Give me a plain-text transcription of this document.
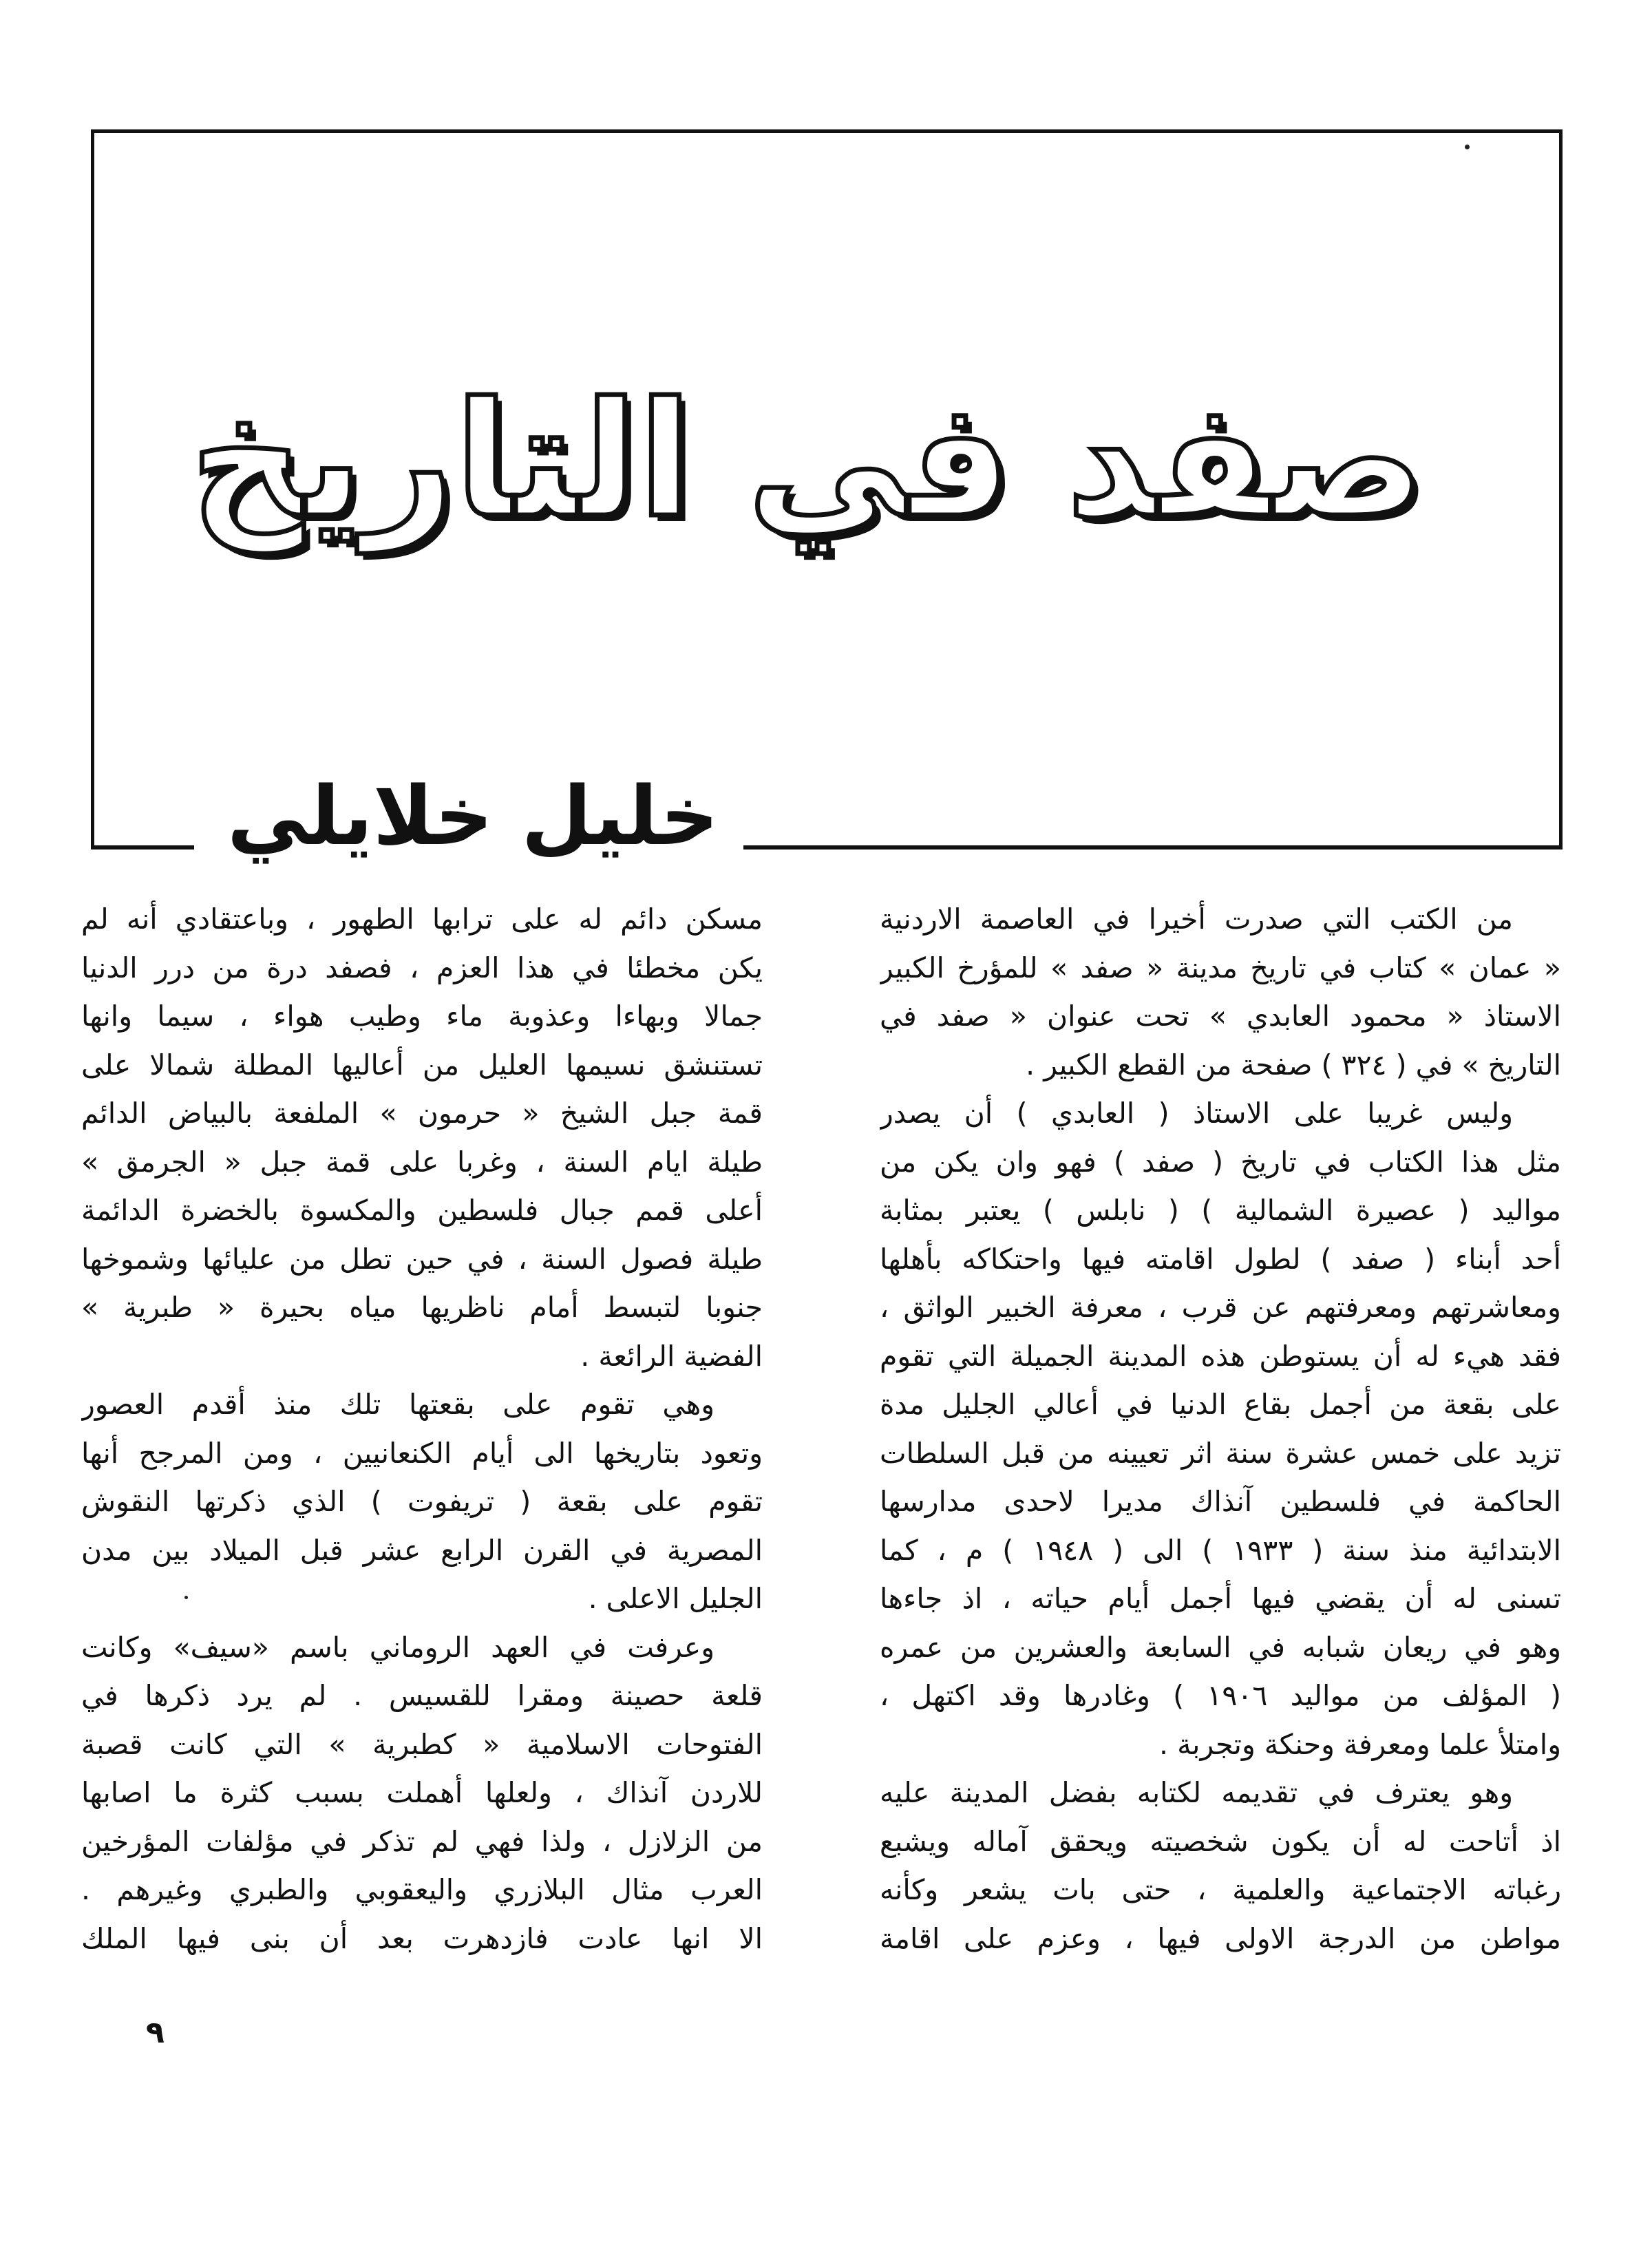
صفد في التاريخ
خليل خلايلي
من الكتب التي صدرت أخيرا في العاصمة الاردنية
« عمان » كتاب في تاريخ مدينة « صفد » للمؤرخ الكبير
الاستاذ « محمود العابدي » تحت عنوان « صفد في
التاريخ » في ( ٣٢٤ ) صفحة من القطع الكبير .
وليس غريبا على الاستاذ ( العابدي ) أن يصدر
مثل هذا الكتاب في تاريخ ( صفد ) فهو وان يكن من
مواليد ( عصيرة الشمالية ) ( نابلس ) يعتبر بمثابة
أحد أبناء ( صفد ) لطول اقامته فيها واحتكاكه بأهلها
ومعاشرتهم ومعرفتهم عن قرب ، معرفة الخبير الواثق ،
فقد هيء له أن يستوطن هذه المدينة الجميلة التي تقوم
على بقعة من أجمل بقاع الدنيا في أعالي الجليل مدة
تزيد على خمس عشرة سنة اثر تعيينه من قبل السلطات
الحاكمة في فلسطين آنذاك مديرا لاحدى مدارسها
الابتدائية منذ سنة ( ١٩٣٣ ) الى ( ١٩٤٨ ) م ، كما
تسنى له أن يقضي فيها أجمل أيام حياته ، اذ جاءها
وهو في ريعان شبابه في السابعة والعشرين من عمره
( المؤلف من مواليد ١٩٠٦ ) وغادرها وقد اكتهل ،
وامتلأ علما ومعرفة وحنكة وتجربة .
وهو يعترف في تقديمه لكتابه بفضل المدينة عليه
اذ أتاحت له أن يكون شخصيته ويحقق آماله ويشبع
رغباته الاجتماعية والعلمية ، حتى بات يشعر وكأنه
مواطن من الدرجة الاولى فيها ، وعزم على اقامة
مسكن دائم له على ترابها الطهور ، وباعتقادي أنه لم
يكن مخطئا في هذا العزم ، فصفد درة من درر الدنيا
جمالا وبهاءا وعذوبة ماء وطيب هواء ، سيما وانها
تستنشق نسيمها العليل من أعاليها المطلة شمالا على
قمة جبل الشيخ « حرمون » الملفعة بالبياض الدائم
طيلة ايام السنة ، وغربا على قمة جبل « الجرمق »
أعلى قمم جبال فلسطين والمكسوة بالخضرة الدائمة
طيلة فصول السنة ، في حين تطل من عليائها وشموخها
جنوبا لتبسط أمام ناظريها مياه بحيرة « طبرية »
الفضية الرائعة .
وهي تقوم على بقعتها تلك منذ أقدم العصور
وتعود بتاريخها الى أيام الكنعانيين ، ومن المرجح أنها
تقوم على بقعة ( تريفوت ) الذي ذكرتها النقوش
المصرية في القرن الرابع عشر قبل الميلاد بين مدن
الجليل الاعلى .
وعرفت في العهد الروماني باسم «سيف» وكانت
قلعة حصينة ومقرا للقسيس . لم يرد ذكرها في
الفتوحات الاسلامية « كطبرية » التي كانت قصبة
للاردن آنذاك ، ولعلها أهملت بسبب كثرة ما اصابها
من الزلازل ، ولذا فهي لم تذكر في مؤلفات المؤرخين
العرب مثال البلازري واليعقوبي والطبري وغيرهم .
الا انها عادت فازدهرت بعد أن بنى فيها الملك
٩
